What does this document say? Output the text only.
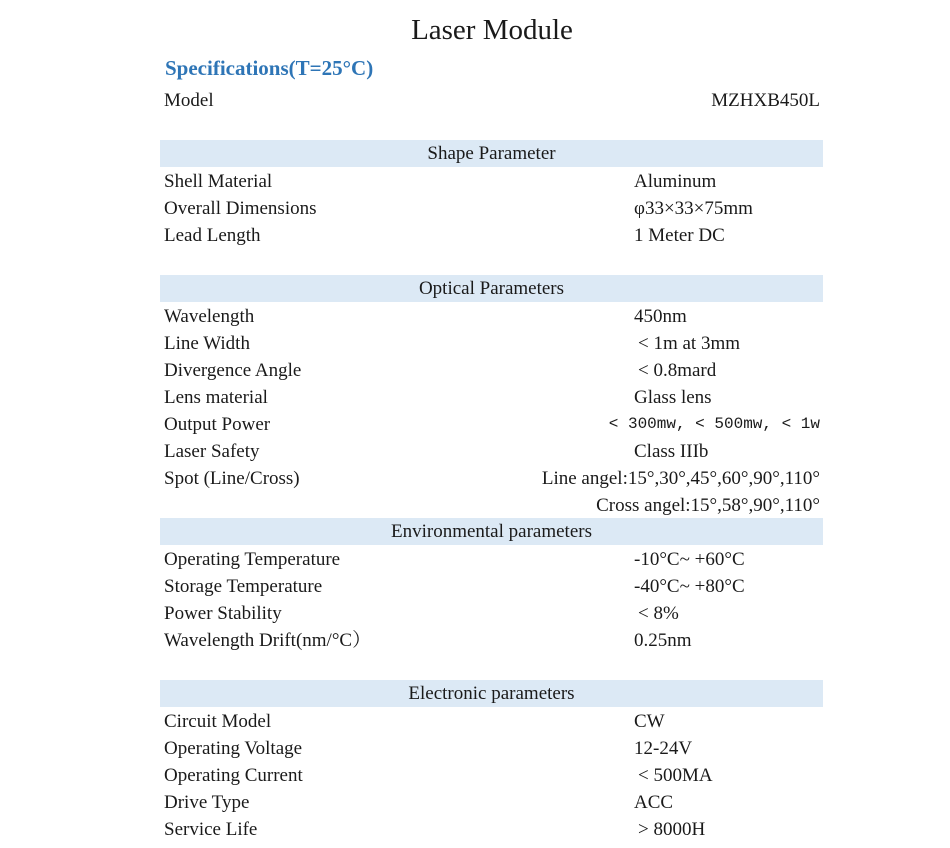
Laser Module
Specifications(T=25°C)
Model	MZHXB450L
Shape Parameter
Shell Material	Aluminum
Overall Dimensions	φ33×33×75mm
Lead Length	1 Meter DC
Optical Parameters
Wavelength	450nm
Line Width	< 1m at 3mm
Divergence Angle	< 0.8mard
Lens material	Glass lens
Output Power	< 300mw, < 500mw, < 1w
Laser Safety	Class IIIb
Spot (Line/Cross)	Line angel:15°,30°,45°,60°,90°,110°
Cross angel:15°,58°,90°,110°
Environmental parameters
Operating Temperature	-10°C~ +60°C
Storage Temperature	-40°C~ +80°C
Power Stability	< 8%
Wavelength Drift(nm/°C）	0.25nm
Electronic parameters
Circuit Model	CW
Operating Voltage	12-24V
Operating Current	< 500MA
Drive Type	ACC
Service Life	> 8000H
